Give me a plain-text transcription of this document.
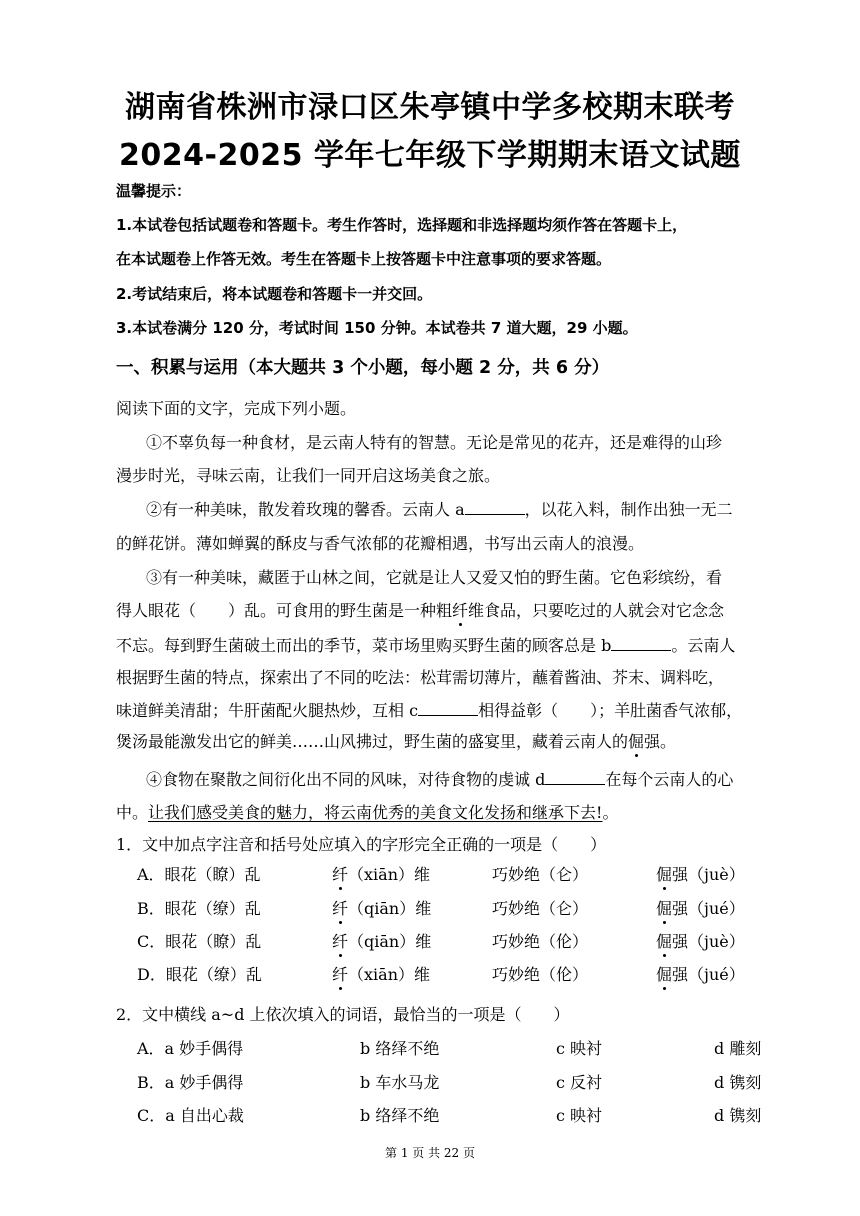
湖南省株洲市渌口区朱亭镇中学多校期末联考
2024-2025 学年七年级下学期期末语文试题
温馨提示：
1.本试卷包括试题卷和答题卡。考生作答时，选择题和非选择题均须作答在答题卡上，
在本试题卷上作答无效。考生在答题卡上按答题卡中注意事项的要求答题。
2.考试结束后，将本试题卷和答题卡一并交回。
3.本试卷满分 120 分，考试时间 150 分钟。本试卷共 7 道大题，29 小题。
一、积累与运用（本大题共 3 个小题，每小题 2 分，共 6 分）
阅读下面的文字，完成下列小题。
①不辜负每一种食材，是云南人特有的智慧。无论是常见的花卉，还是难得的山珍
漫步时光，寻味云南，让我们一同开启这场美食之旅。
②有一种美味，散发着玫瑰的馨香。云南人 a	，以花入料，制作出独一无二
的鲜花饼。薄如蝉翼的酥皮与香气浓郁的花瓣相遇，书写出云南人的浪漫。
③有一种美味，藏匿于山林之间，它就是让人又爱又怕的野生菌。它色彩缤纷，看
得人眼花（　　）乱。可食用的野生菌是一种粗纤维食品，只要吃过的人就会对它念念
不忘。每到野生菌破土而出的季节，菜市场里购买野生菌的顾客总是 b	。云南人
根据野生菌的特点，探索出了不同的吃法：松茸需切薄片，蘸着酱油、芥末、调料吃，
味道鲜美清甜；牛肝菌配火腿热炒，互相 c	相得益彰（　　）；羊肚菌香气浓郁，
煲汤最能激发出它的鲜美……山风拂过，野生菌的盛宴里，藏着云南人的倔强。
④食物在聚散之间衍化出不同的风味，对待食物的虔诚 d	在每个云南人的心
中。让我们感受美食的魅力，将云南优秀的美食文化发扬和继承下去!。
1．文中加点字注音和括号处应填入的字形完全正确的一项是（　　）
A．眼花（瞭）乱	纤（xiān）维	巧妙绝（仑）	倔强（juè）
B．眼花（缭）乱	纤（qiān）维	巧妙绝（仑）	倔强（jué）
C．眼花（瞭）乱	纤（qiān）维	巧妙绝（伦）	倔强（juè）
D．眼花（缭）乱	纤（xiān）维	巧妙绝（伦）	倔强（jué）
2．文中横线 a~d 上依次填入的词语，最恰当的一项是（　　）
A．a 妙手偶得	b 络绎不绝	c 映衬	d 雕刻
B．a 妙手偶得	b 车水马龙	c 反衬	d 镌刻
C．a 自出心裁	b 络绎不绝	c 映衬	d 镌刻
第 1 页 共 22 页
